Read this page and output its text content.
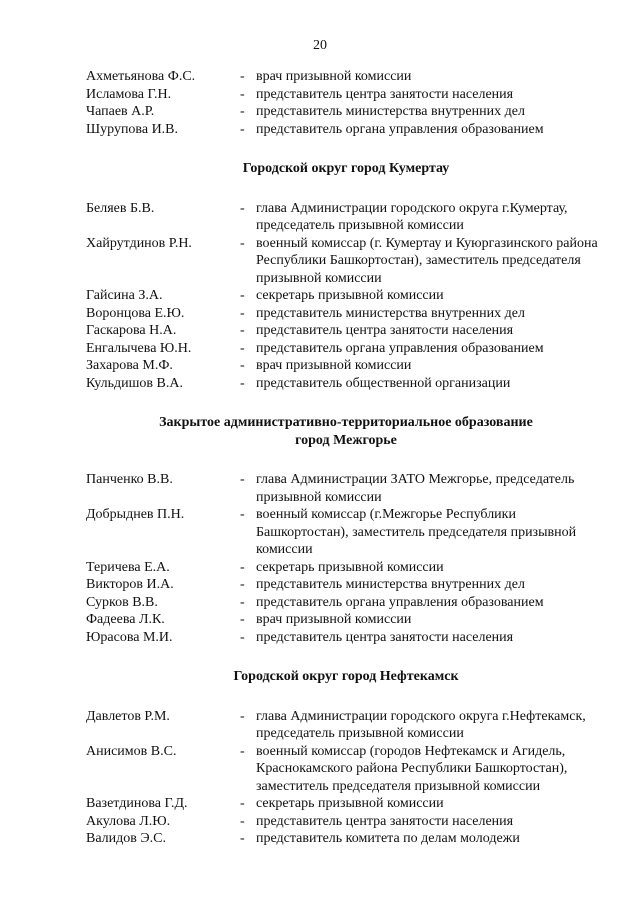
20
Ахметьянова Ф.С.	- врач призывной комиссии
Исламова Г.Н.	- представитель центра занятости населения
Чапаев А.Р.	- представитель министерства внутренних дел
Шурупова И.В.	- представитель органа управления образованием
Городской округ город Кумертау
Беляев Б.В.	- глава Администрации городского округа г.Кумертау, председатель призывной комиссии
Хайрутдинов Р.Н.	- военный комиссар (г. Кумертау и Куюргазинского района Республики Башкортостан), заместитель председателя призывной комиссии
Гайсина З.А.	- секретарь призывной комиссии
Воронцова Е.Ю.	- представитель министерства внутренних дел
Гаскарова Н.А.	- представитель центра занятости населения
Енгалычева Ю.Н.	- представитель органа управления образованием
Захарова М.Ф.	- врач призывной комиссии
Кульдишов В.А.	- представитель общественной организации
Закрытое административно-территориальное образование город Межгорье
Панченко В.В.	- глава Администрации ЗАТО Межгорье, председатель призывной комиссии
Добрыднев П.Н.	- военный комиссар (г.Межгорье Республики Башкортостан), заместитель председателя призывной комиссии
Теричева Е.А.	- секретарь призывной комиссии
Викторов И.А.	- представитель министерства внутренних дел
Сурков В.В.	- представитель органа управления образованием
Фадеева Л.К.	- врач призывной комиссии
Юрасова М.И.	- представитель центра занятости населения
Городской округ город Нефтекамск
Давлетов Р.М.	- глава Администрации городского округа г.Нефтекамск, председатель призывной комиссии
Анисимов В.С.	- военный комиссар (городов Нефтекамск и Агидель, Краснокамского района Республики Башкортостан), заместитель председателя призывной комиссии
Вазетдинова Г.Д.	- секретарь призывной комиссии
Акулова Л.Ю.	- представитель центра занятости населения
Валидов Э.С.	- представитель комитета по делам молодежи
